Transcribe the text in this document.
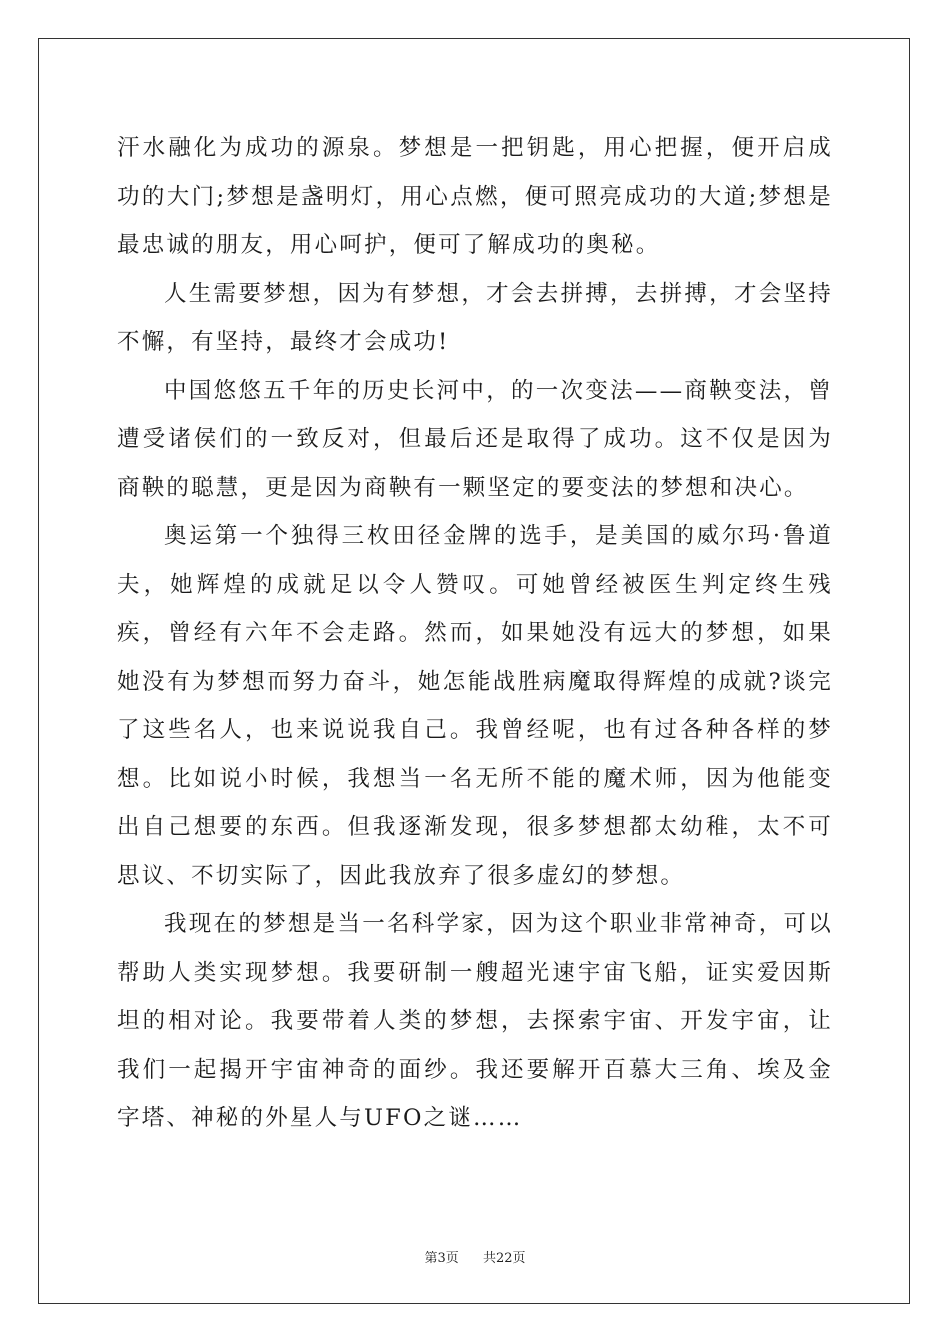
汗水融化为成功的源泉。梦想是一把钥匙，用心把握，便开启成功的大门;梦想是盏明灯，用心点燃，便可照亮成功的大道;梦想是最忠诚的朋友，用心呵护，便可了解成功的奥秘。

人生需要梦想，因为有梦想，才会去拼搏，去拼搏，才会坚持不懈，有坚持，最终才会成功!

中国悠悠五千年的历史长河中，的一次变法——商鞅变法，曾遭受诸侯们的一致反对，但最后还是取得了成功。这不仅是因为商鞅的聪慧，更是因为商鞅有一颗坚定的要变法的梦想和决心。

奥运第一个独得三枚田径金牌的选手，是美国的威尔玛·鲁道夫，她辉煌的成就足以令人赞叹。可她曾经被医生判定终生残疾，曾经有六年不会走路。然而，如果她没有远大的梦想，如果她没有为梦想而努力奋斗，她怎能战胜病魔取得辉煌的成就?谈完了这些名人，也来说说我自己。我曾经呢，也有过各种各样的梦想。比如说小时候，我想当一名无所不能的魔术师，因为他能变出自己想要的东西。但我逐渐发现，很多梦想都太幼稚，太不可思议、不切实际了，因此我放弃了很多虚幻的梦想。

我现在的梦想是当一名科学家，因为这个职业非常神奇，可以帮助人类实现梦想。我要研制一艘超光速宇宙飞船，证实爱因斯坦的相对论。我要带着人类的梦想，去探索宇宙、开发宇宙，让我们一起揭开宇宙神奇的面纱。我还要解开百慕大三角、埃及金字塔、神秘的外星人与UFO之谜……

第3页 共22页
